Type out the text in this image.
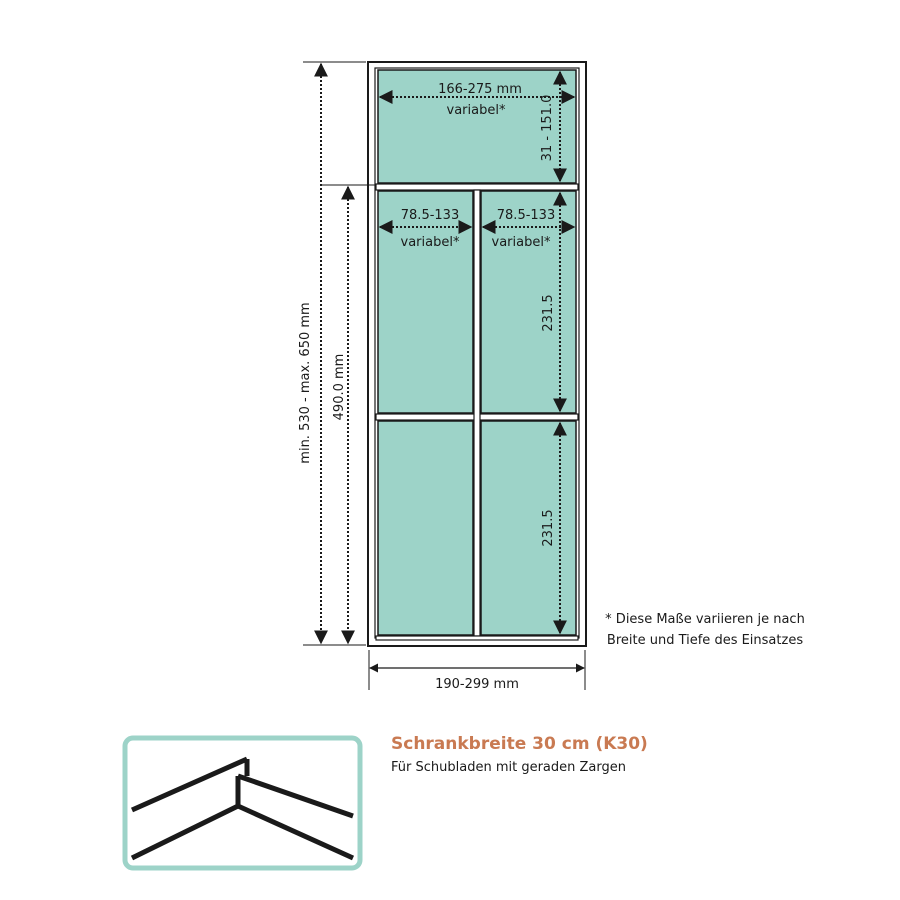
166-275 mm
variabel*	31 - 151.0
78.5-133
variabel*
78.5-133
variabel*
231.5
231.5
min. 530 - max. 650 mm 490.0 mm
190-299 mm
* Diese Maße variieren je nach
Breite und Tiefe des Einsatzes
Schrankbreite 30 cm (K30)
Für Schubladen mit geraden Zargen
